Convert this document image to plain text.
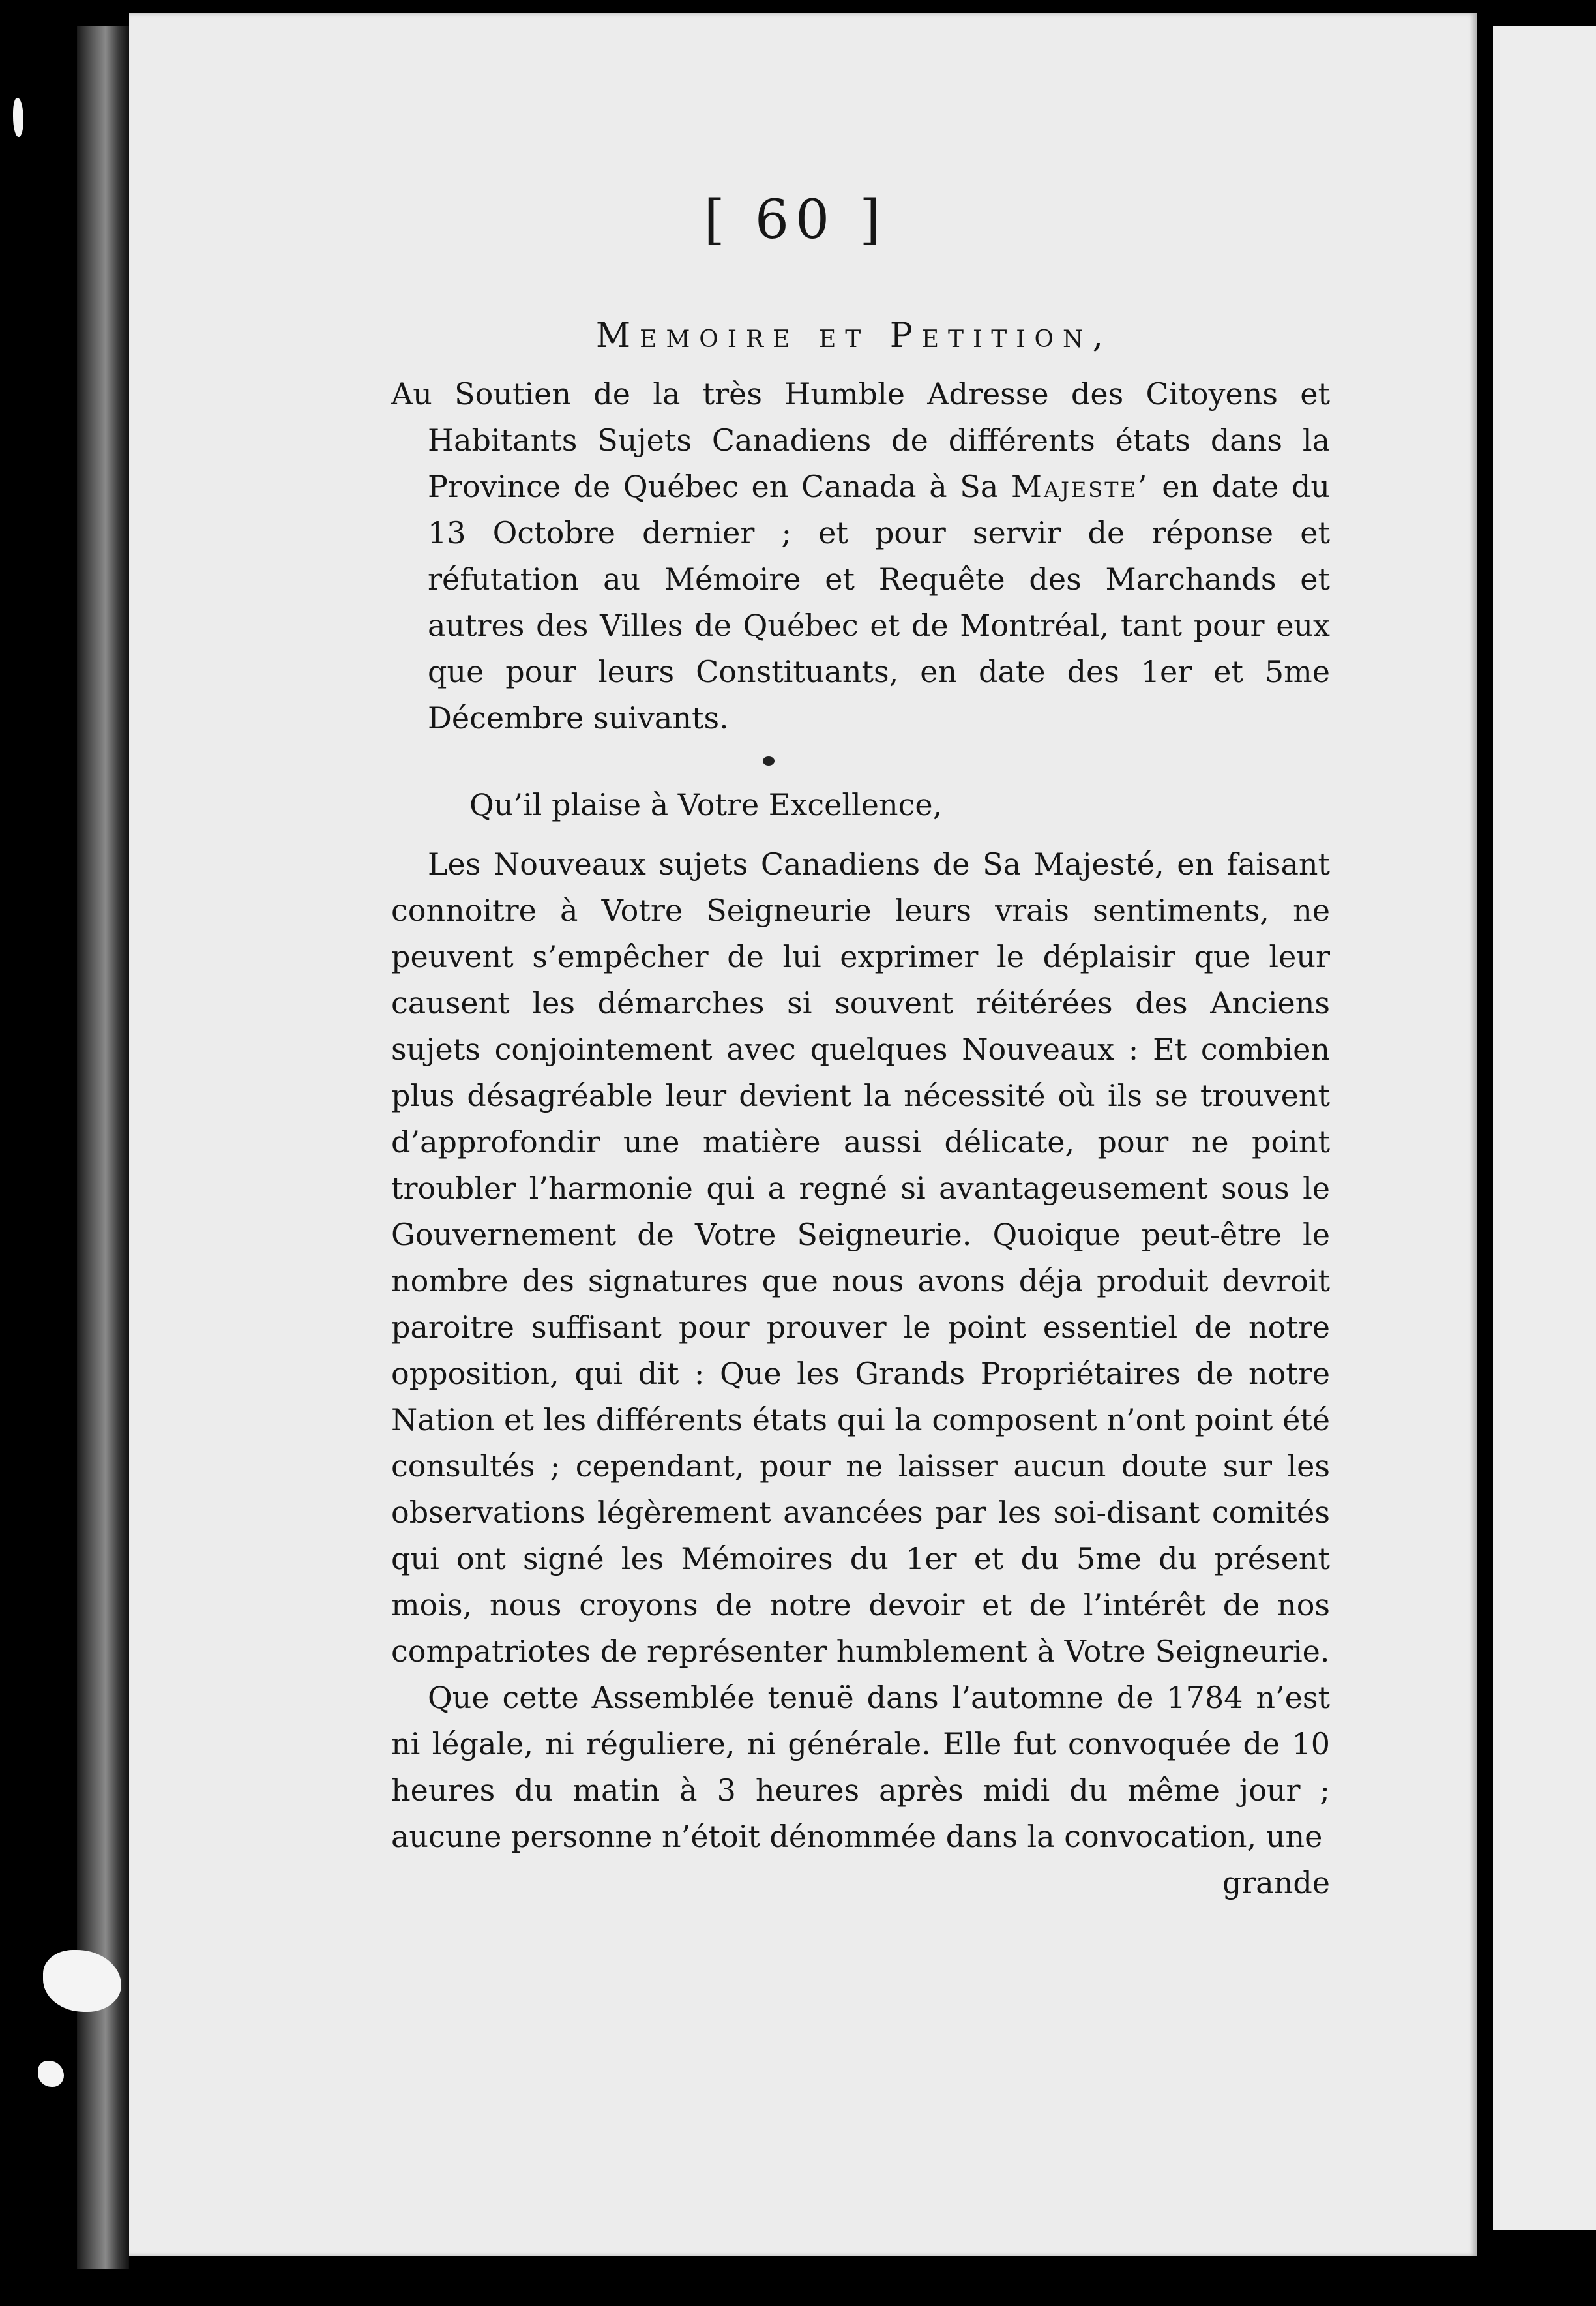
[ 60 ]
Memoire et Petition,

Au Soutien de la très Humble Adresse des Citoyens et Habitants Sujets Canadiens de différents états dans la Province de Québec en Canada à Sa Majeste’ en date du 13 Octobre dernier ; et pour servir de réponse et réfutation au Mémoire et Requête des Marchands et autres des Villes de Québec et de Montréal, tant pour eux que pour leurs Constituants, en date des 1er et 5me Décembre suivants.

Qu’il plaise à Votre Excellence,

Les Nouveaux sujets Canadiens de Sa Majesté, en faisant connoitre à Votre Seigneurie leurs vrais sentiments, ne peuvent s’empêcher de lui exprimer le déplaisir que leur causent les démarches si souvent réitérées des Anciens sujets conjointement avec quelques Nouveaux : Et combien plus désagréable leur devient la nécessité où ils se trouvent d’approfondir une matière aussi délicate, pour ne point troubler l’harmonie qui a regné si avantageusement sous le Gouvernement de Votre Seigneurie. Quoique peut-être le nombre des signatures que nous avons déja produit devroit paroitre suffisant pour prouver le point essentiel de notre opposition, qui dit : Que les Grands Propriétaires de notre Nation et les différents états qui la composent n’ont point été consultés ; cependant, pour ne laisser aucun doute sur les observations légèrement avancées par les soi-disant comités qui ont signé les Mémoires du 1er et du 5me du présent mois, nous croyons de notre devoir et de l’intérêt de nos compatriotes de représenter humblement à Votre Seigneurie.

Que cette Assemblée tenuë dans l’automne de 1784 n’est ni légale, ni réguliere, ni générale. Elle fut convoquée de 10 heures du matin à 3 heures après midi du même jour ; aucune personne n’étoit dénommée dans la convocation, une

grande
